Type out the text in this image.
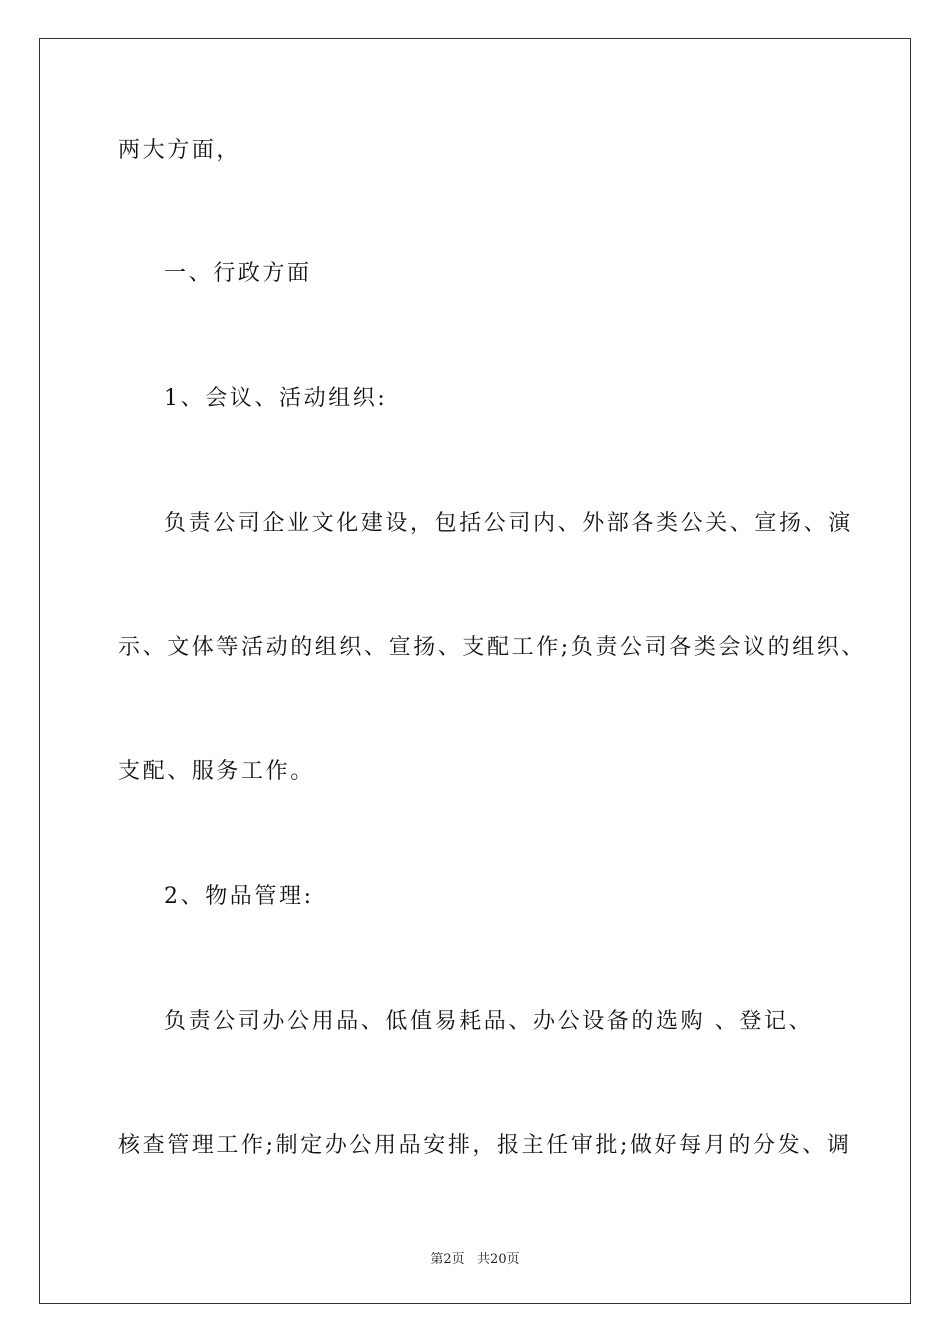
两大方面，
一、行政方面
1、会议、活动组织:
负责公司企业文化建设，包括公司内、外部各类公关、宣扬、演
示、文体等活动的组织、宣扬、支配工作;负责公司各类会议的组织、
支配、服务工作。
2、物品管理:
负责公司办公用品、低值易耗品、办公设备的选购 、登记、
核查管理工作;制定办公用品安排，报主任审批;做好每月的分发、调
第2页   共20页
